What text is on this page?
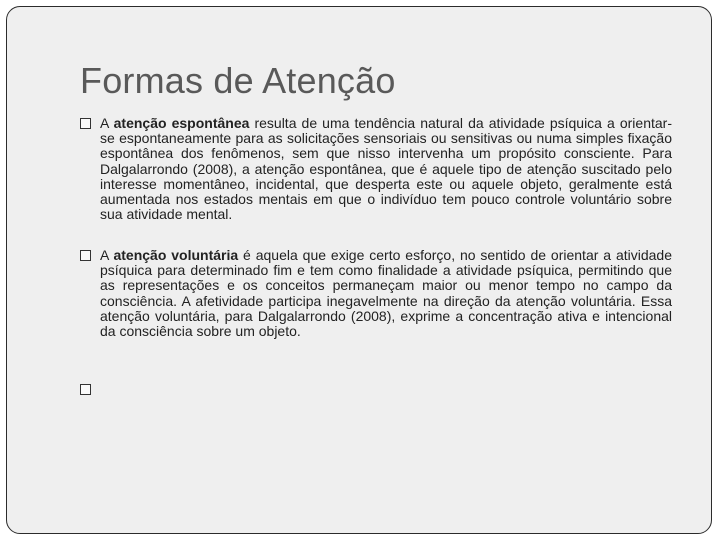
Formas de Atenção
A atenção espontânea resulta de uma tendência natural da atividade psíquica a orientar-se espontaneamente para as solicitações sensoriais ou sensitivas ou numa simples fixação espontânea dos fenômenos, sem que nisso intervenha um propósito consciente. Para Dalgalarrondo (2008), a atenção espontânea, que é aquele tipo de atenção suscitado pelo interesse momentâneo, incidental, que desperta este ou aquele objeto, geralmente está aumentada nos estados mentais em que o indivíduo tem pouco controle voluntário sobre sua atividade mental.
A atenção voluntária é aquela que exige certo esforço, no sentido de orientar a atividade psíquica para determinado fim e tem como finalidade a atividade psíquica, permitindo que as representações e os conceitos permaneçam maior ou menor tempo no campo da consciência. A afetividade participa inegavelmente na direção da atenção voluntária. Essa atenção voluntária, para Dalgalarrondo (2008), exprime a concentração ativa e intencional da consciência sobre um objeto.
